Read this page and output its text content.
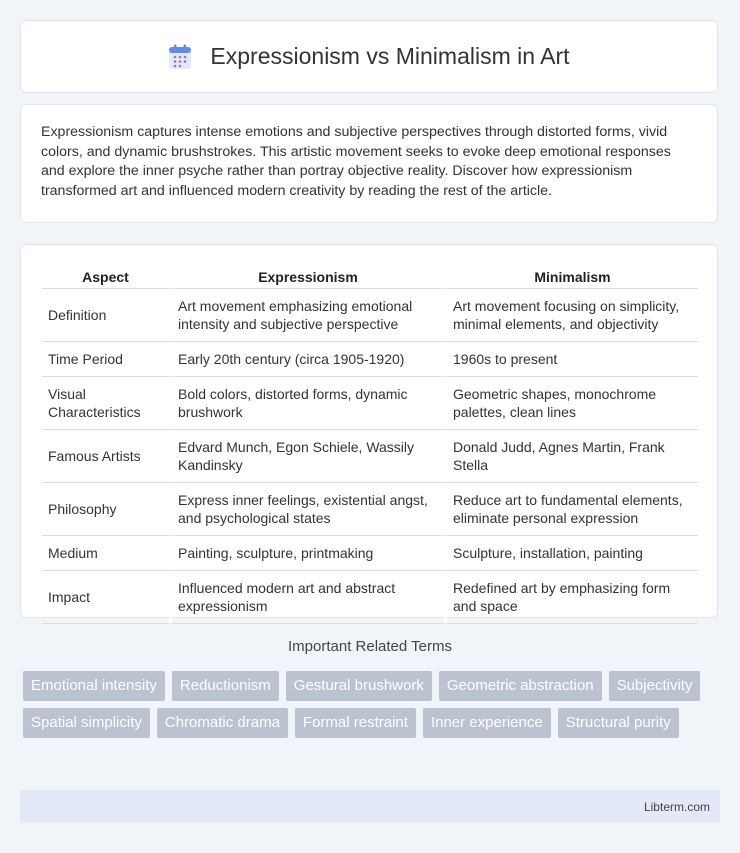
Expressionism vs Minimalism in Art

Expressionism captures intense emotions and subjective perspectives through distorted forms, vivid colors, and dynamic brushstrokes. This artistic movement seeks to evoke deep emotional responses and explore the inner psyche rather than portray objective reality. Discover how expressionism transformed art and influenced modern creativity by reading the rest of the article.

Aspect	Expressionism	Minimalism
Definition	Art movement emphasizing emotional intensity and subjective perspective	Art movement focusing on simplicity, minimal elements, and objectivity
Time Period	Early 20th century (circa 1905-1920)	1960s to present
Visual Characteristics	Bold colors, distorted forms, dynamic brushwork	Geometric shapes, monochrome palettes, clean lines
Famous Artists	Edvard Munch, Egon Schiele, Wassily Kandinsky	Donald Judd, Agnes Martin, Frank Stella
Philosophy	Express inner feelings, existential angst, and psychological states	Reduce art to fundamental elements, eliminate personal expression
Medium	Painting, sculpture, printmaking	Sculpture, installation, painting
Impact	Influenced modern art and abstract expressionism	Redefined art by emphasizing form and space
Important Related Terms
Emotional intensity	Reductionism	Gestural brushwork	Geometric abstraction	Subjectivity
Spatial simplicity	Chromatic drama	Formal restraint	Inner experience	Structural purity
Libterm.com
